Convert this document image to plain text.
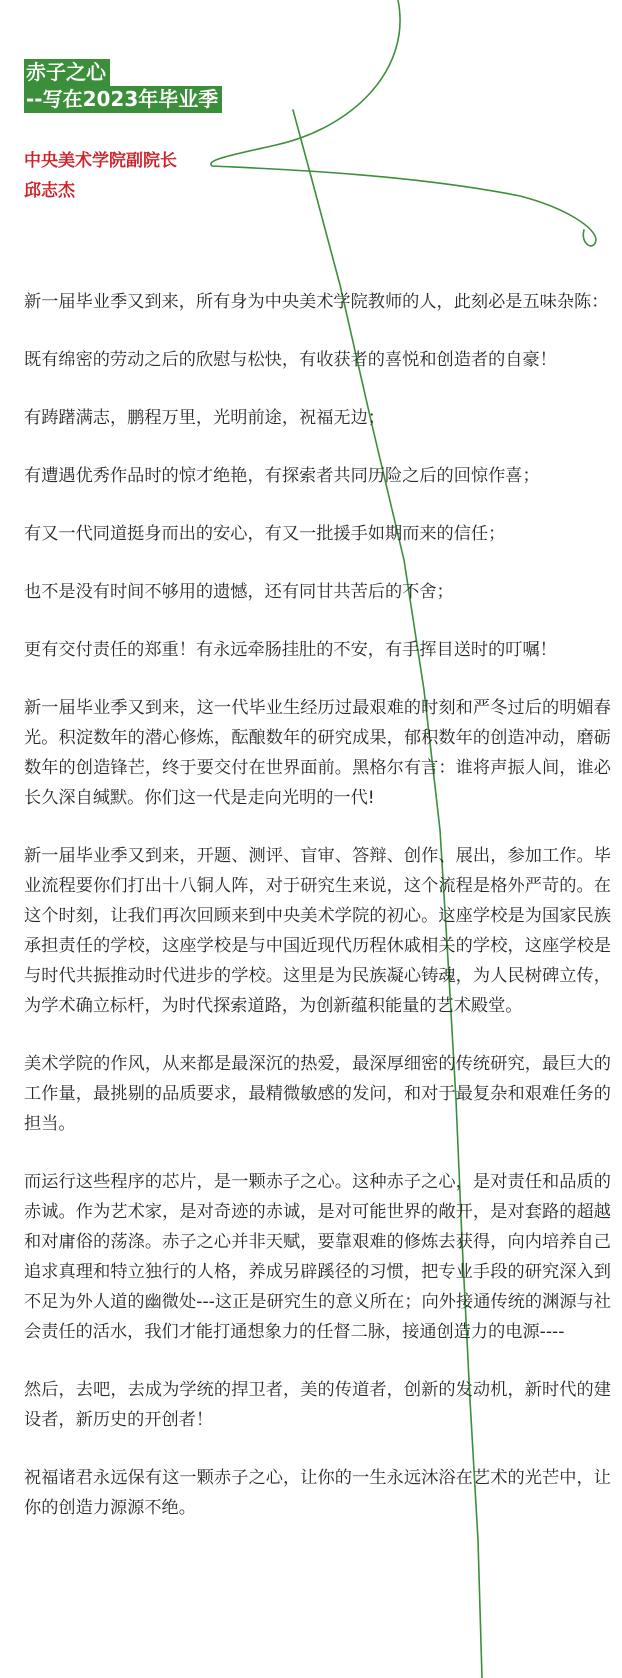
赤子之心
--写在2023年毕业季
中央美术学院副院长
邱志杰

新一届毕业季又到来，所有身为中央美术学院教师的人，此刻必是五味杂陈：

既有绵密的劳动之后的欣慰与松快，有收获者的喜悦和创造者的自豪！

有踌躇满志，鹏程万里，光明前途，祝福无边；

有遭遇优秀作品时的惊才绝艳，有探索者共同历险之后的回惊作喜；

有又一代同道挺身而出的安心，有又一批援手如期而来的信任；

也不是没有时间不够用的遗憾，还有同甘共苦后的不舍；

更有交付责任的郑重！有永远牵肠挂肚的不安，有手挥目送时的叮嘱！

新一届毕业季又到来，这一代毕业生经历过最艰难的时刻和严冬过后的明媚春光。积淀数年的潜心修炼，酝酿数年的研究成果，郁积数年的创造冲动，磨砺数年的创造锋芒，终于要交付在世界面前。黑格尔有言：谁将声振人间，谁必长久深自缄默。你们这一代是走向光明的一代!

新一届毕业季又到来，开题、测评、盲审、答辩、创作、展出，参加工作。毕业流程要你们打出十八铜人阵，对于研究生来说，这个流程是格外严苛的。在这个时刻，让我们再次回顾来到中央美术学院的初心。这座学校是为国家民族承担责任的学校，这座学校是与中国近现代历程休戚相关的学校，这座学校是与时代共振推动时代进步的学校。这里是为民族凝心铸魂，为人民树碑立传，为学术确立标杆，为时代探索道路，为创新蕴积能量的艺术殿堂。

美术学院的作风，从来都是最深沉的热爱，最深厚细密的传统研究，最巨大的工作量，最挑剔的品质要求，最精微敏感的发问，和对于最复杂和艰难任务的担当。

而运行这些程序的芯片，是一颗赤子之心。这种赤子之心，是对责任和品质的赤诚。作为艺术家，是对奇迹的赤诚，是对可能世界的敞开，是对套路的超越和对庸俗的荡涤。赤子之心并非天赋，要靠艰难的修炼去获得，向内培养自己追求真理和特立独行的人格，养成另辟蹊径的习惯，把专业手段的研究深入到不足为外人道的幽微处---这正是研究生的意义所在；向外接通传统的渊源与社会责任的活水，我们才能打通想象力的任督二脉，接通创造力的电源----

然后，去吧，去成为学统的捍卫者，美的传道者，创新的发动机，新时代的建设者，新历史的开创者！

祝福诸君永远保有这一颗赤子之心，让你的一生永远沐浴在艺术的光芒中，让你的创造力源源不绝。
